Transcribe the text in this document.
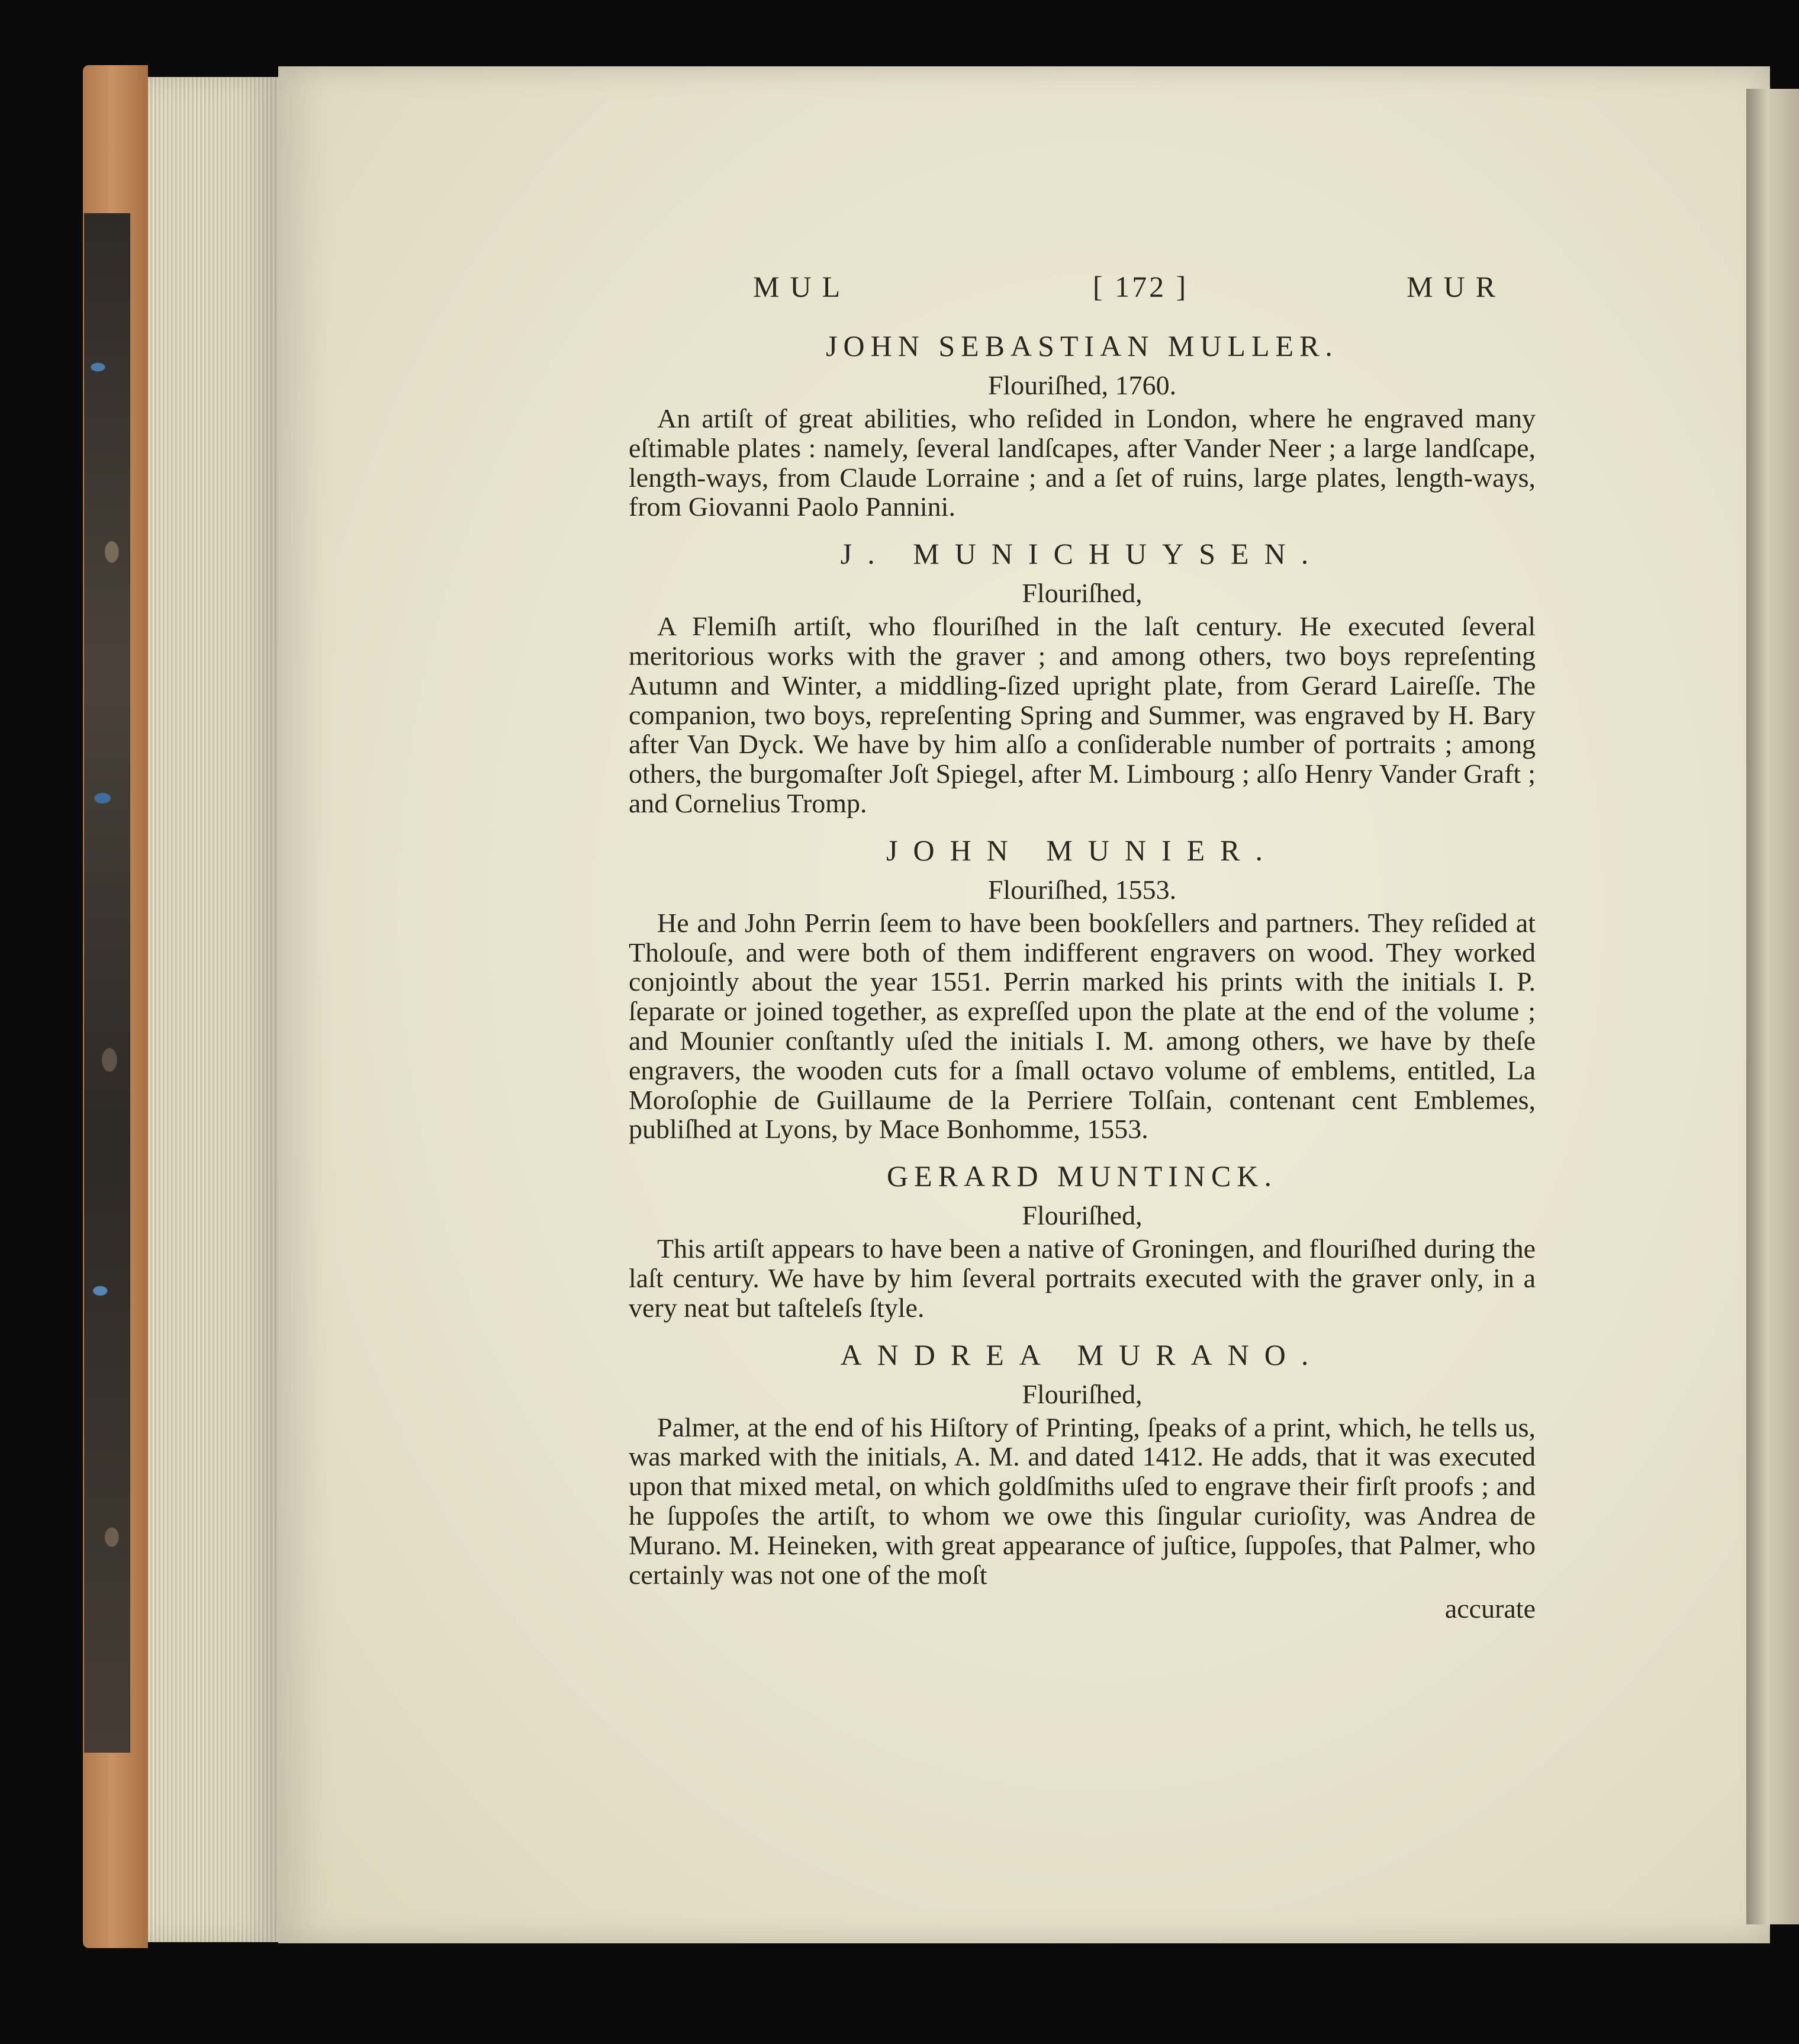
MUL	[ 172 ]	MUR
JOHN SEBASTIAN MULLER.
Flouriſhed, 1760.

An artiſt of great abilities, who reſided in London, where he engraved many eſtimable plates : namely, ſeveral landſcapes, after Vander Neer ; a large landſcape, length-ways, from Claude Lorraine ; and a ſet of ruins, large plates, length-ways, from Giovanni Paolo Pannini.

J. MUNICHUYSEN.
Flouriſhed,

A Flemiſh artiſt, who flouriſhed in the laſt century. He executed ſeveral meritorious works with the graver ; and among others, two boys repreſenting Autumn and Winter, a middling-ſized upright plate, from Gerard Laireſſe. The companion, two boys, repreſenting Spring and Summer, was engraved by H. Bary after Van Dyck. We have by him alſo a conſiderable number of portraits ; among others, the burgomaſter Joſt Spiegel, after M. Limbourg ; alſo Henry Vander Graft ; and Cornelius Tromp.

JOHN MUNIER.
Flouriſhed, 1553.

He and John Perrin ſeem to have been bookſellers and partners. They reſided at Tholouſe, and were both of them indifferent engravers on wood. They worked conjointly about the year 1551. Perrin marked his prints with the initials I. P. ſeparate or joined together, as expreſſed upon the plate at the end of the volume ; and Mounier conſtantly uſed the initials I. M. among others, we have by theſe engravers, the wooden cuts for a ſmall octavo volume of emblems, entitled, La Moroſophie de Guillaume de la Perriere Tolſain, contenant cent Emblemes, publiſhed at Lyons, by Mace Bonhomme, 1553.

GERARD MUNTINCK.
Flouriſhed,

This artiſt appears to have been a native of Groningen, and flouriſhed during the laſt century. We have by him ſeveral portraits executed with the graver only, in a very neat but taſteleſs ſtyle.

ANDREA MURANO.
Flouriſhed,

Palmer, at the end of his Hiſtory of Printing, ſpeaks of a print, which, he tells us, was marked with the initials, A. M. and dated 1412. He adds, that it was executed upon that mixed metal, on which goldſmiths uſed to engrave their firſt proofs ; and he ſuppoſes the artiſt, to whom we owe this ſingular curioſity, was Andrea de Murano. M. Heineken, with great appearance of juſtice, ſuppoſes, that Palmer, who certainly was not one of the moſt

accurate
